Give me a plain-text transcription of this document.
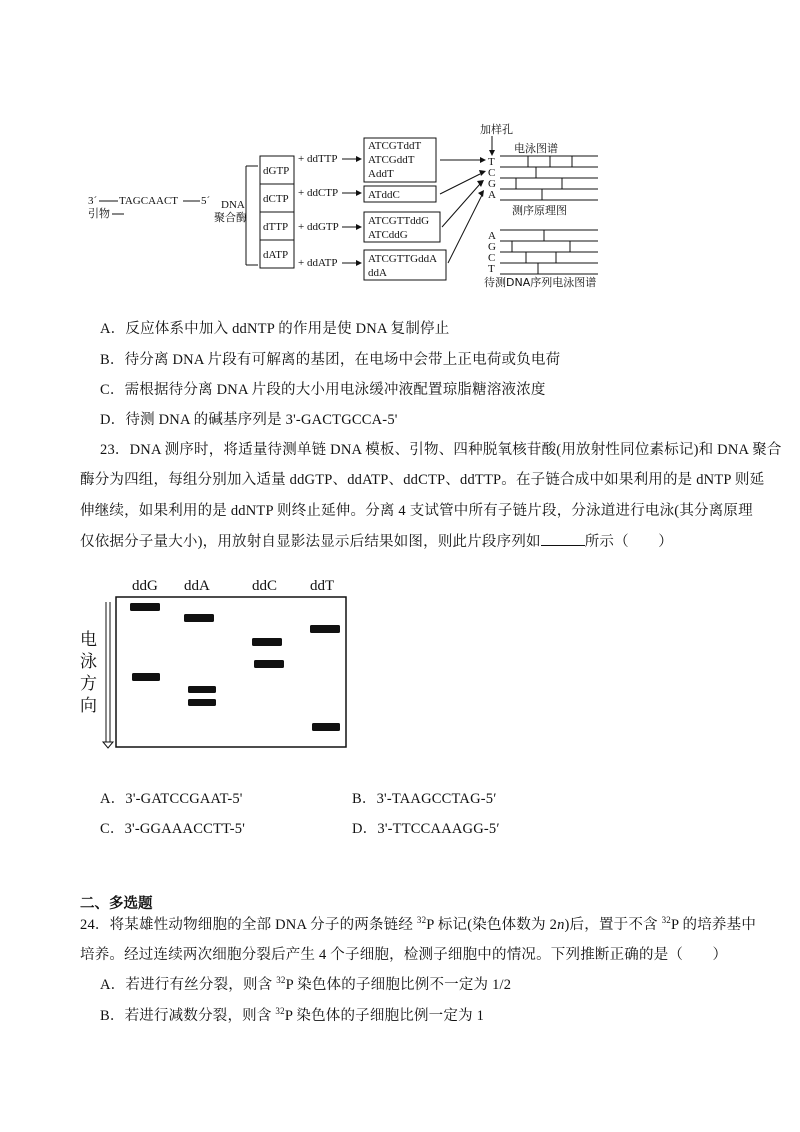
3´ TAGCAACT 5´
引物
DNA
聚合酶
dGTP
dCTP
dTTP
dATP
+ ddTTP
+ ddCTP
+ ddGTP
+ ddATP
ATCGTddT
ATCGddT
AddT
ATddC
ATCGTTddG
ATCddG
ATCGTTGddA
ddA
加样孔
电泳图谱
T
C
G
A
测序原理图
A
G
C
T
待测DNA序列电泳图谱
A．反应体系中加入 ddNTP 的作用是使 DNA 复制停止
B．待分离 DNA 片段有可解离的基团，在电场中会带上正电荷或负电荷
C．需根据待分离 DNA 片段的大小用电泳缓冲液配置琼脂糖溶液浓度
D．待测 DNA 的碱基序列是 3'-GACTGCCA-5'
23．DNA 测序时，将适量待测单链 DNA 模板、引物、四种脱氧核苷酸(用放射性同位素标记)和 DNA 聚合
酶分为四组，每组分别加入适量 ddGTP、ddATP、ddCTP、ddTTP。在子链合成中如果利用的是 dNTP 则延
伸继续，如果利用的是 ddNTP 则终止延伸。分离 4 支试管中所有子链片段，分泳道进行电泳(其分离原理
仅依据分子量大小)，用放射自显影法显示后结果如图，则此片段序列如	所示（　　）
ddG ddA	ddC ddT
电
泳
方
向
A．3'-GATCCGAAT-5'	B．3'-TAAGCCTAG-5′
C．3'-GGAAACCTT-5'	D．3'-TTCCAAAGG-5′
二、多选题
24．将某雄性动物细胞的全部 DNA 分子的两条链经 $^{32}$P 标记(染色体数为 2n)后，置于不含 $^{32}$P 的培养基中
培养。经过连续两次细胞分裂后产生 4 个子细胞，检测子细胞中的情况。下列推断正确的是（　　）
A．若进行有丝分裂，则含 $^{32}$P 染色体的子细胞比例不一定为 1/2
B．若进行减数分裂，则含 $^{32}$P 染色体的子细胞比例一定为 1
